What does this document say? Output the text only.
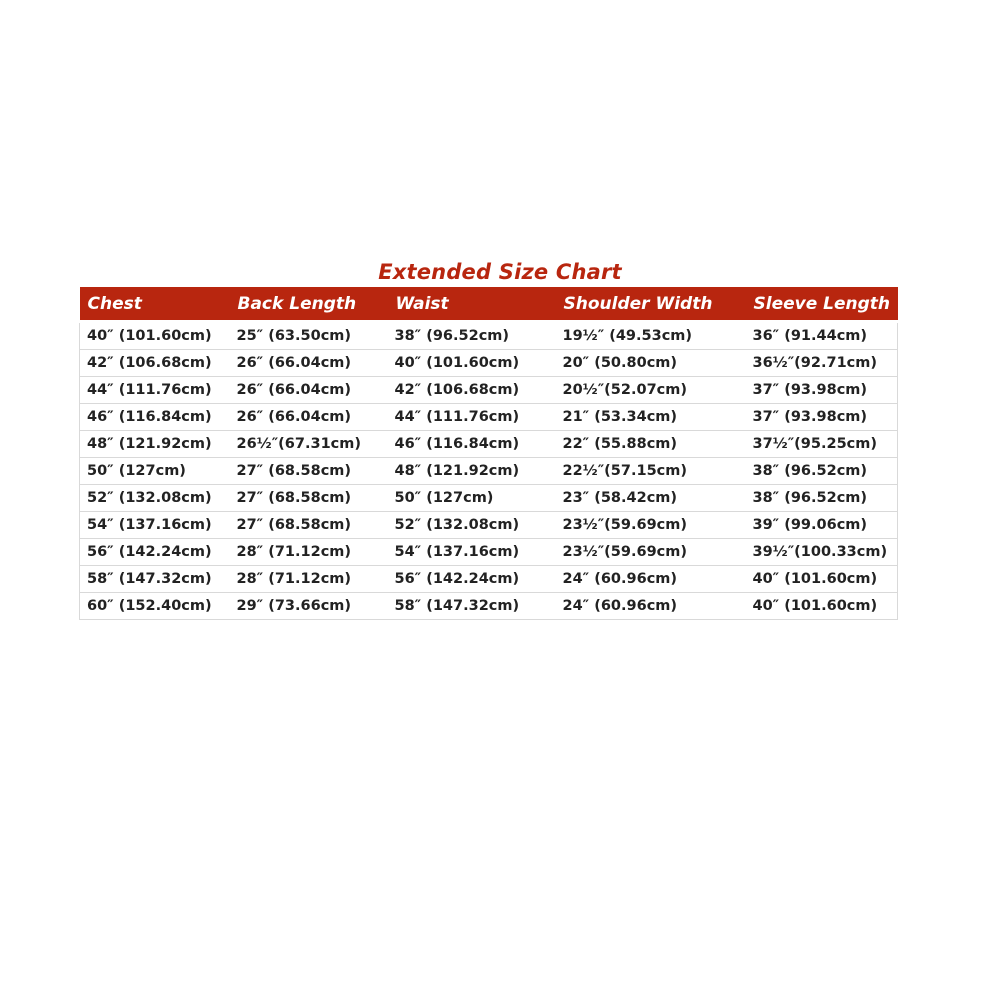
Extended Size Chart
Chest	Back Length	Waist	Shoulder Width	Sleeve Length
40″ (101.60cm)	25″ (63.50cm)	38″ (96.52cm)	19½″ (49.53cm)	36″ (91.44cm)
42″ (106.68cm)	26″ (66.04cm)	40″ (101.60cm)	20″ (50.80cm)	36½″(92.71cm)
44″ (111.76cm)	26″ (66.04cm)	42″ (106.68cm)	20½″(52.07cm)	37″ (93.98cm)
46″ (116.84cm)	26″ (66.04cm)	44″ (111.76cm)	21″ (53.34cm)	37″ (93.98cm)
48″ (121.92cm)	26½″(67.31cm)	46″ (116.84cm)	22″ (55.88cm)	37½″(95.25cm)
50″ (127cm)	27″ (68.58cm)	48″ (121.92cm)	22½″(57.15cm)	38″ (96.52cm)
52″ (132.08cm)	27″ (68.58cm)	50″ (127cm)	23″ (58.42cm)	38″ (96.52cm)
54″ (137.16cm)	27″ (68.58cm)	52″ (132.08cm)	23½″(59.69cm)	39″ (99.06cm)
56″ (142.24cm)	28″ (71.12cm)	54″ (137.16cm)	23½″(59.69cm)	39½″(100.33cm)
58″ (147.32cm)	28″ (71.12cm)	56″ (142.24cm)	24″ (60.96cm)	40″ (101.60cm)
60″ (152.40cm)	29″ (73.66cm)	58″ (147.32cm)	24″ (60.96cm)	40″ (101.60cm)
